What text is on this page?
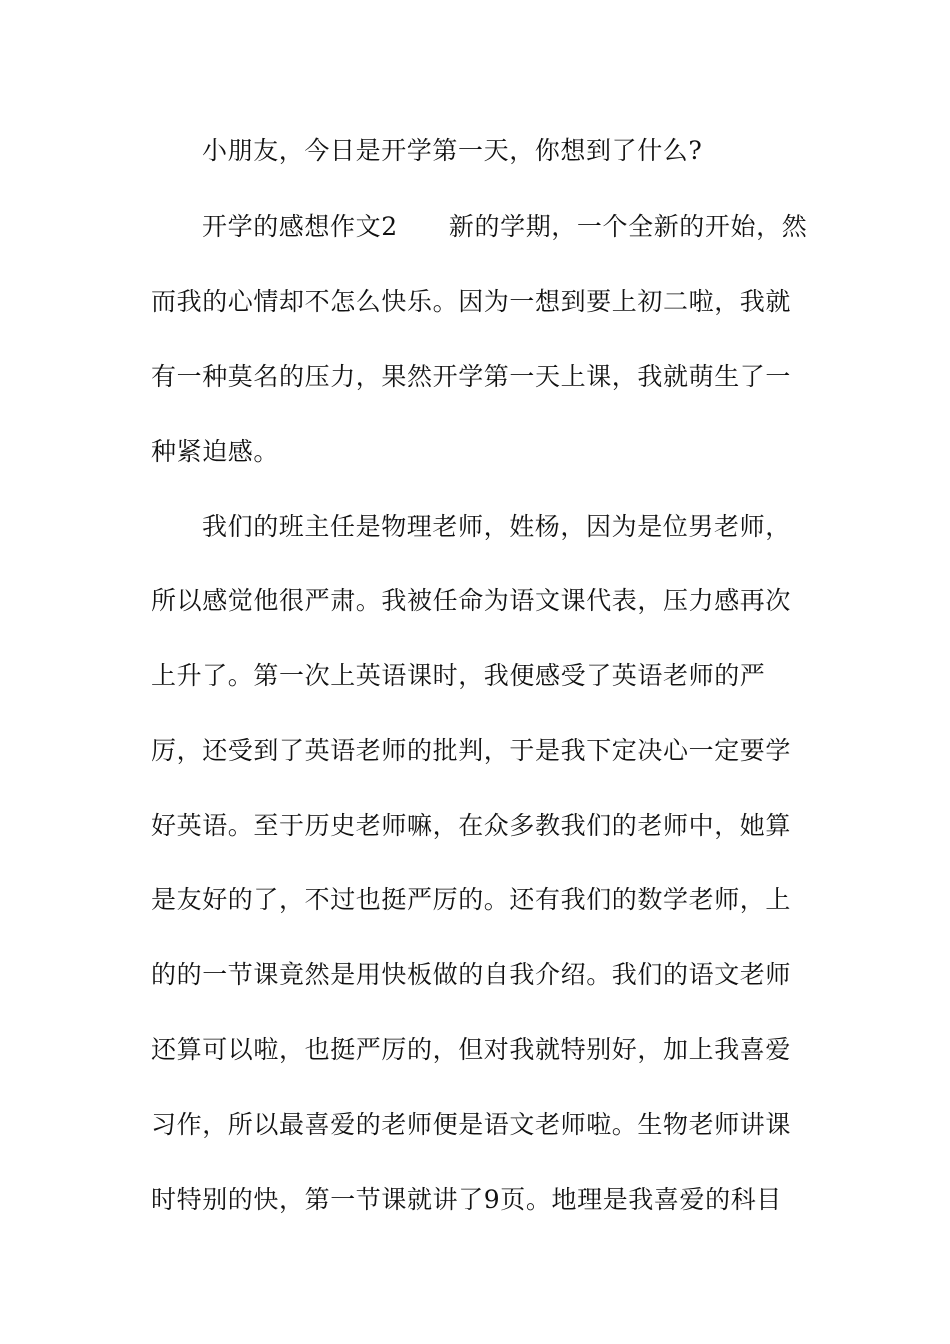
小朋友，今日是开学第一天，你想到了什么?
开学的感想作文2　　新的学期，一个全新的开始，然
而我的心情却不怎么快乐。因为一想到要上初二啦，我就
有一种莫名的压力，果然开学第一天上课，我就萌生了一
种紧迫感。
我们的班主任是物理老师，姓杨，因为是位男老师，
所以感觉他很严肃。我被任命为语文课代表，压力感再次
上升了。第一次上英语课时，我便感受了英语老师的严
厉，还受到了英语老师的批判，于是我下定决心一定要学
好英语。至于历史老师嘛，在众多教我们的老师中，她算
是友好的了，不过也挺严厉的。还有我们的数学老师，上
的的一节课竟然是用快板做的自我介绍。我们的语文老师
还算可以啦，也挺严厉的，但对我就特别好，加上我喜爱
习作，所以最喜爱的老师便是语文老师啦。生物老师讲课
时特别的快，第一节课就讲了9页。地理是我喜爱的科目
